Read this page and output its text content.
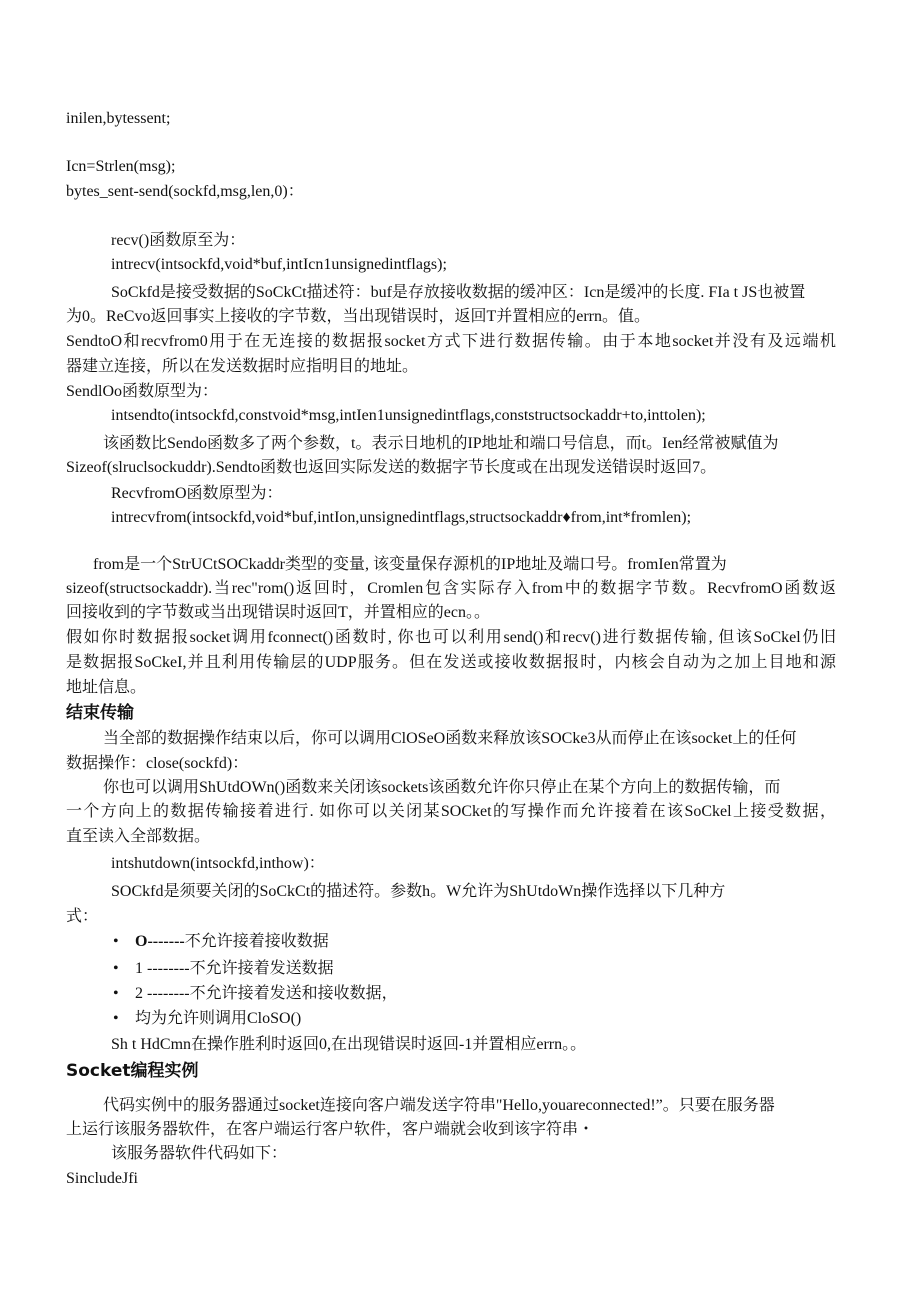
inilen,bytessent;
Icn=Strlen(msg);
bytes_sent-send(sockfd,msg,len,0)：
recv()函数原至为：
intrecv(intsockfd,void*buf,intIcn1unsignedintflags);
SoCkfd是接受数据的SoCkCt描述符：buf是存放接收数据的缓冲区：Icn是缓冲的长度. FIa t JS也被置
为0。ReCvo返回事实上接收的字节数，当出现错误时，返回T并置相应的errn。值。
SendtoO和recvfrom0用于在无连接的数据报socket方式下进行数据传输。由于本地socket并没有及远端机
器建立连接，所以在发送数据时应指明目的地址。
SendlOo函数原型为：
intsendto(intsockfd,constvoid*msg,intIen1unsignedintflags,conststructsockaddr+to,inttolen);
该函数比Sendo函数多了两个参数，t。表示日地机的IP地址和端口号信息，而t。Ien经常被赋值为
Sizeof(slruclsockuddr).Sendto函数也返回实际发送的数据字节长度或在出现发送错误时返回7。
RecvfromO函数原型为：
intrecvfrom(intsockfd,void*buf,intIon,unsignedintflags,structsockaddr♦from,int*fromlen);
from是一个StrUCtSOCkaddr类型的变量, 该变量保存源机的IP地址及端口号。fromIen常置为
sizeof(structsockaddr).当rec"rom()返回时，Cromlen包含实际存入from中的数据字节数。RecvfromO函数返
回接收到的字节数或当出现错误时返回T，并置相应的ecn。。
假如你时数据报socket调用fconnect()函数时, 你也可以利用send()和recv()进行数据传输, 但该SoCkel仍旧
是数据报SoCkeI,并且利用传输层的UDP服务。但在发送或接收数据报时，内核会自动为之加上目地和源
地址信息。
结束传输
当全部的数据操作结束以后，你可以调用ClOSeO函数来释放该SOCke3从而停止在该socket上的任何
数据操作：close(sockfd)：
你也可以调用ShUtdOWn()函数来关闭该sockets该函数允许你只停止在某个方向上的数据传输，而
一个方向上的数据传输接着进行. 如你可以关闭某SOCket的写操作而允许接着在该SoCkel上接受数据，
直至读入全部数据。
intshutdown(intsockfd,inthow)：
SOCkfd是须要关闭的SoCkCt的描述符。参数h。W允许为ShUtdoWn操作选择以下几种方
式：
• O-------不允许接着接收数据
• 1 --------不允许接着发送数据
• 2 --------不允许接着发送和接收数据，
• 均为允许则调用CloSO()
Sh t HdCmn在操作胜利时返回0,在出现错误时返回-1并置相应errn。。
Socket编程实例
代码实例中的服务器通过socket连接向客户端发送字符串"Hello,youareconnected!”。只要在服务器
上运行该服务器软件，在客户端运行客户软件，客户端就会收到该字符串・
该服务器软件代码如下：
SincludeJfi
